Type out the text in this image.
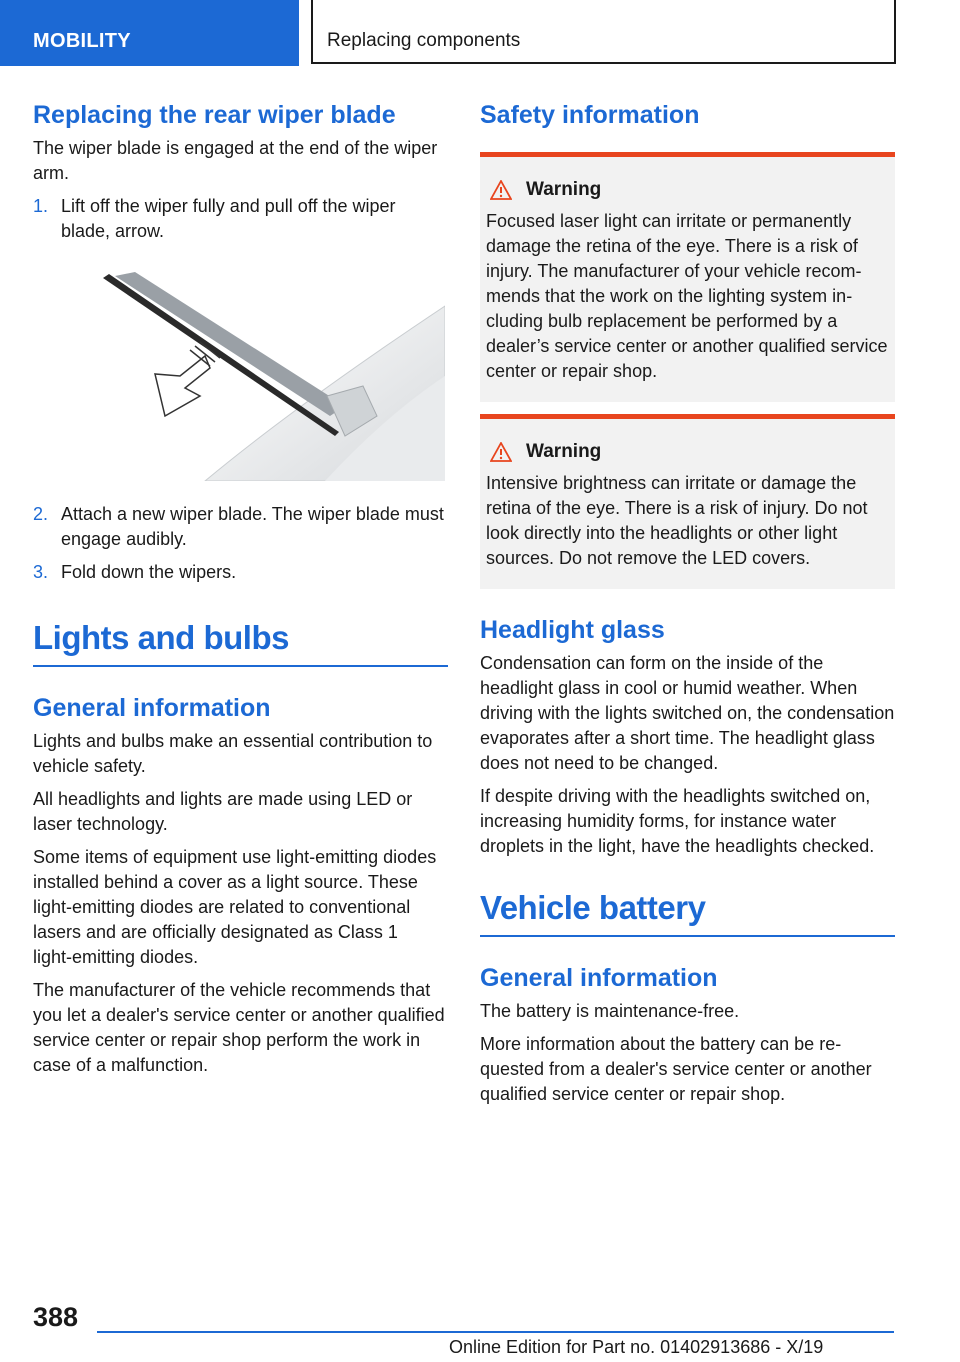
MOBILITY	Replacing components
Replacing the rear wiper blade

The wiper blade is engaged at the end of the wiper arm.

1. Lift off the wiper fully and pull off the wiper blade, arrow.
2. Attach a new wiper blade. The wiper blade must engage audibly.
3. Fold down the wipers.
Lights and bulbs
General information

Lights and bulbs make an essential contribution to vehicle safety.

All headlights and lights are made using LED or laser technology.

Some items of equipment use light‑emitting diodes installed behind a cover as a light source. These light‑emitting diodes are related to conventional lasers and are officially designated as Class 1 light‑emitting diodes.

The manufacturer of the vehicle recommends that you let a dealer's service center or another qualified service center or repair shop perform the work in case of a malfunction.

Safety information
Warning

Focused laser light can irritate or permanently damage the retina of the eye. There is a risk of injury. The manufacturer of your vehicle recommends that the work on the lighting system including bulb replacement be performed by a dealer’s service center or another qualified service center or repair shop.

Warning

Intensive brightness can irritate or damage the retina of the eye. There is a risk of injury. Do not look directly into the headlights or other light sources. Do not remove the LED covers.

Headlight glass

Condensation can form on the inside of the headlight glass in cool or humid weather. When driving with the lights switched on, the condensation evaporates after a short time. The headlight glass does not need to be changed.

If despite driving with the headlights switched on, increasing humidity forms, for instance water droplets in the light, have the headlights checked.

Vehicle battery
General information

The battery is maintenance‑free.

More information about the battery can be requested from a dealer's service center or another qualified service center or repair shop.

388
Online Edition for Part no. 01402913686 - X/19
